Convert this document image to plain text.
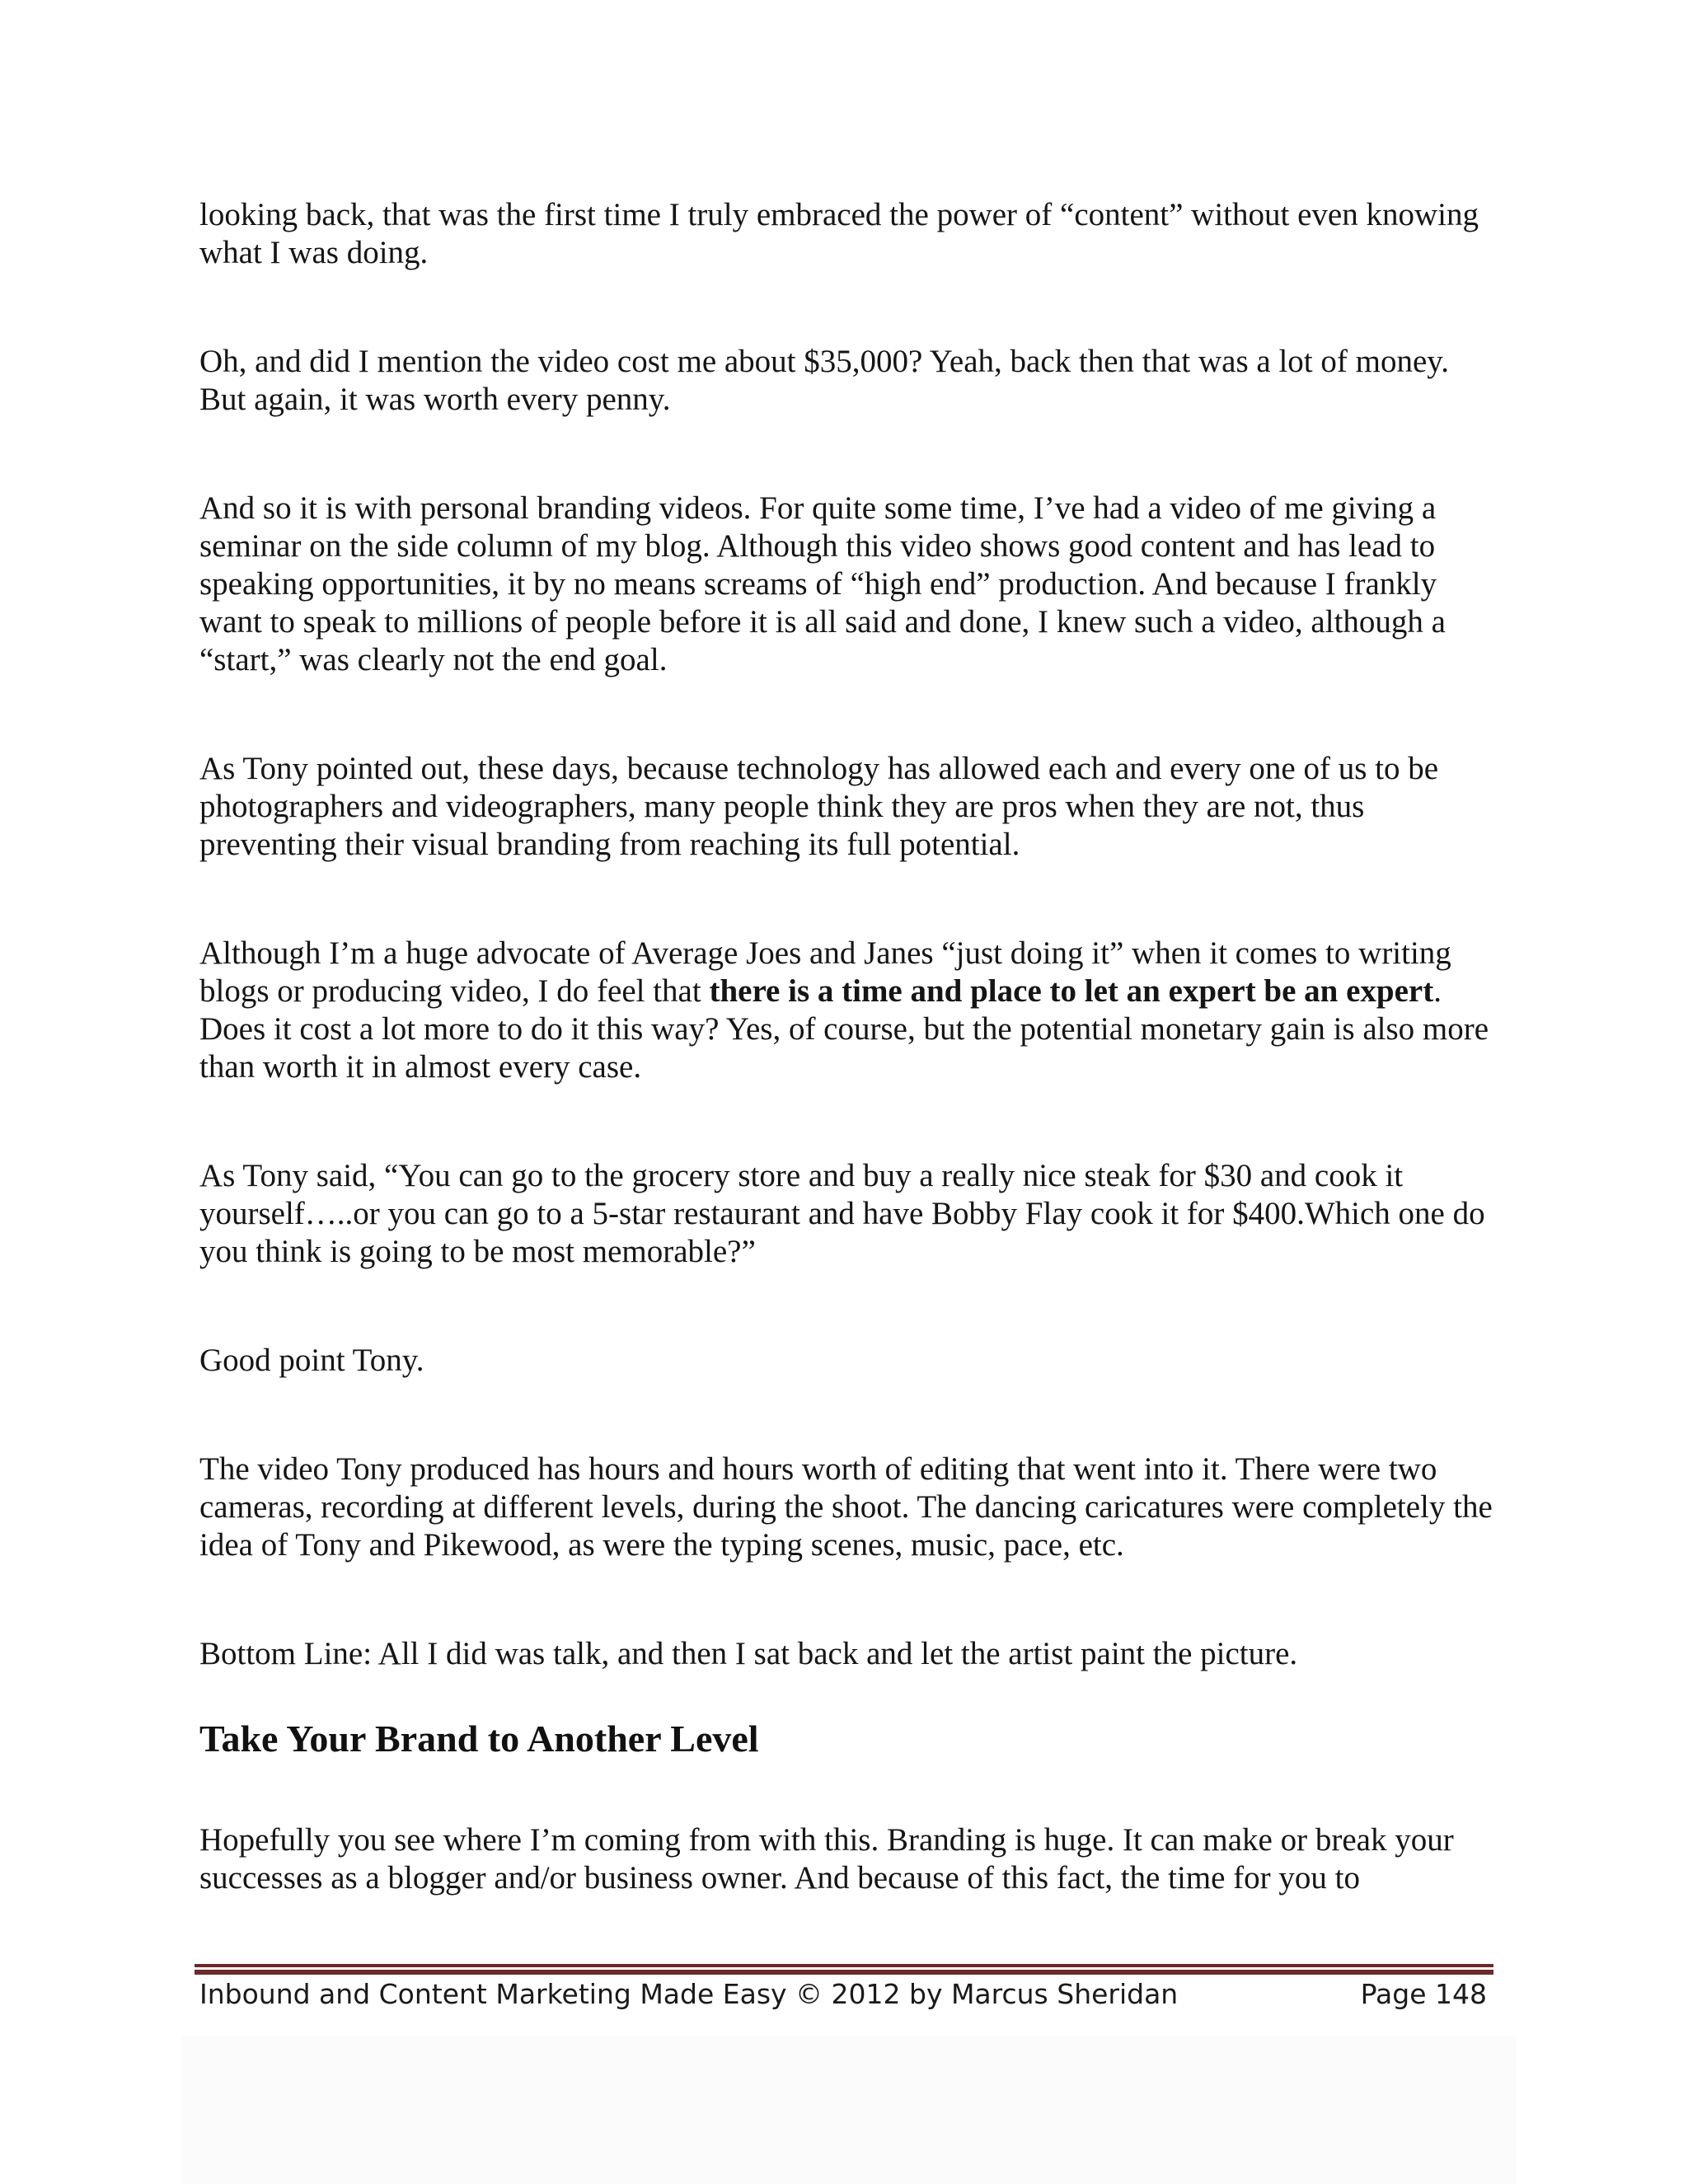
looking back, that was the first time I truly embraced the power of “content” without even knowing what I was doing.

Oh, and did I mention the video cost me about $35,000? Yeah, back then that was a lot of money. But again, it was worth every penny.

And so it is with personal branding videos. For quite some time, I’ve had a video of me giving a seminar on the side column of my blog. Although this video shows good content and has lead to speaking opportunities, it by no means screams of “high end” production. And because I frankly want to speak to millions of people before it is all said and done, I knew such a video, although a “start,” was clearly not the end goal.

As Tony pointed out, these days, because technology has allowed each and every one of us to be photographers and videographers, many people think they are pros when they are not, thus preventing their visual branding from reaching its full potential.

Although I’m a huge advocate of Average Joes and Janes “just doing it” when it comes to writing blogs or producing video, I do feel that there is a time and place to let an expert be an expert. Does it cost a lot more to do it this way? Yes, of course, but the potential monetary gain is also more than worth it in almost every case.

As Tony said, “You can go to the grocery store and buy a really nice steak for $30 and cook it yourself…..or you can go to a 5-star restaurant and have Bobby Flay cook it for $400.Which one do you think is going to be most memorable?”

Good point Tony.

The video Tony produced has hours and hours worth of editing that went into it. There were two cameras, recording at different levels, during the shoot. The dancing caricatures were completely the idea of Tony and Pikewood, as were the typing scenes, music, pace, etc.

Bottom Line: All I did was talk, and then I sat back and let the artist paint the picture.

Take Your Brand to Another Level

Hopefully you see where I’m coming from with this. Branding is huge. It can make or break your successes as a blogger and/or business owner. And because of this fact, the time for you to

Inbound and Content Marketing Made Easy © 2012 by Marcus Sheridan	Page 148
